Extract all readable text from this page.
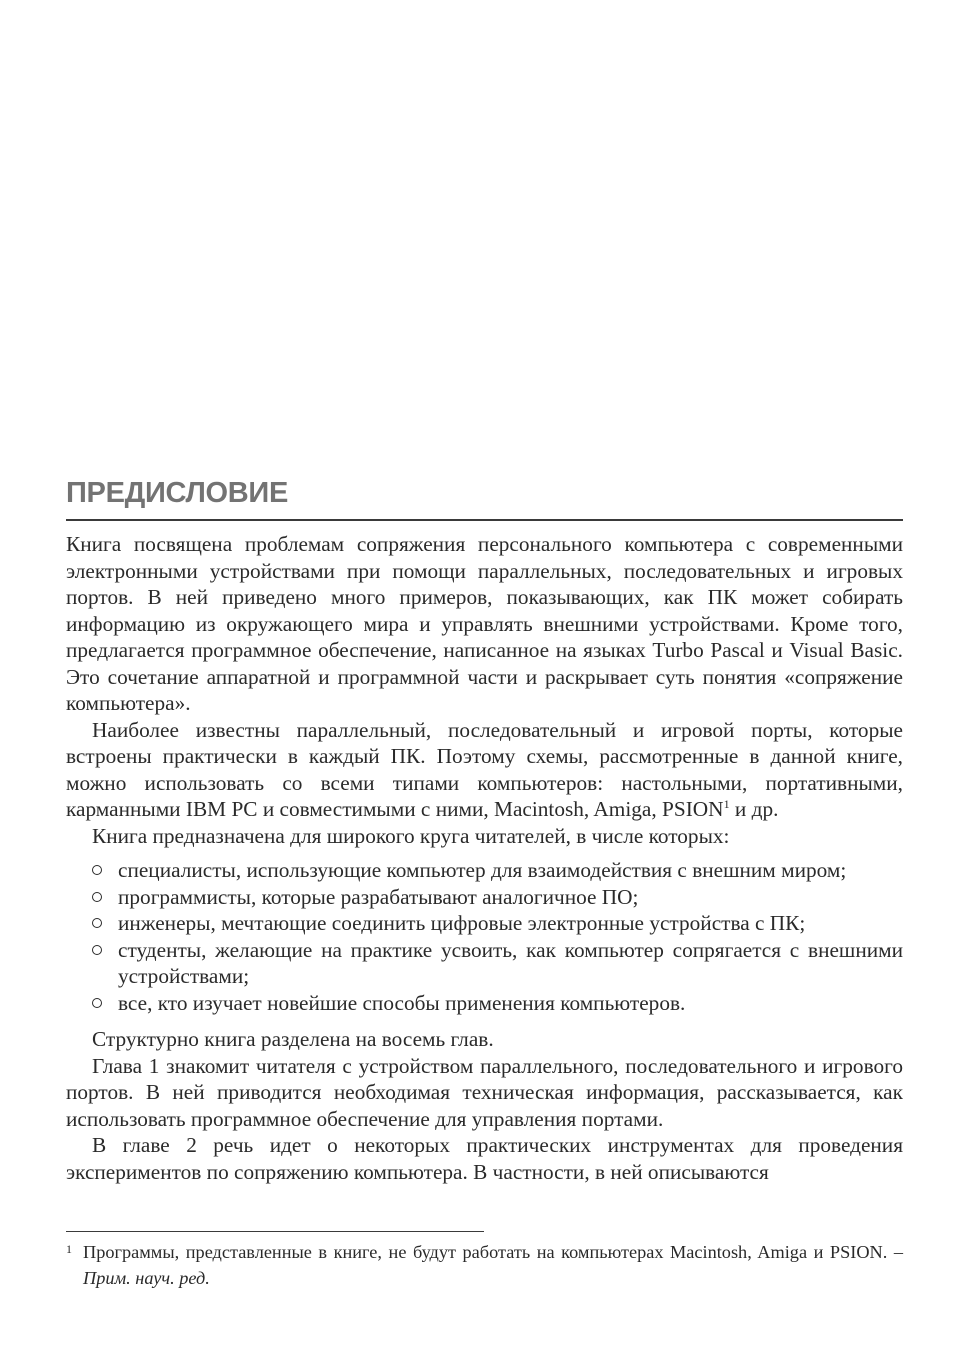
ПРЕДИСЛОВИЕ

Книга посвящена проблемам сопряжения персонального компьютера с современными электронными устройствами при помощи параллельных, последовательных и игровых портов. В ней приведено много примеров, показывающих, как ПК может собирать информацию из окружающего мира и управлять внешними устройствами. Кроме того, предлагается программное обеспечение, написанное на языках Turbo Pascal и Visual Basic. Это сочетание аппаратной и программной части и раскрывает суть понятия «сопряжение компьютера».

Наиболее известны параллельный, последовательный и игровой порты, которые встроены практически в каждый ПК. Поэтому схемы, рассмотренные в данной книге, можно использовать со всеми типами компьютеров: настольными, портативными, карманными IBM PC и совместимыми с ними, Macintosh, Amiga, PSION$^1$ и др.

Книга предназначена для широкого круга читателей, в числе которых:

специалисты, использующие компьютер для взаимодействия с внешним миром;
программисты, которые разрабатывают аналогичное ПО;
инженеры, мечтающие соединить цифровые электронные устройства с ПК;
студенты, желающие на практике усвоить, как компьютер сопрягается с внешними устройствами;
все, кто изучает новейшие способы применения компьютеров.

Структурно книга разделена на восемь глав.

Глава 1 знакомит читателя с устройством параллельного, последовательного и игрового портов. В ней приводится необходимая техническая информация, рассказывается, как использовать программное обеспечение для управления портами.

В главе 2 речь идет о некоторых практических инструментах для проведения экспериментов по сопряжению компьютера. В частности, в ней описываются

1 Программы, представленные в книге, не будут работать на компьютерах Macintosh, Amiga и PSION. – Прим. науч. ред.
